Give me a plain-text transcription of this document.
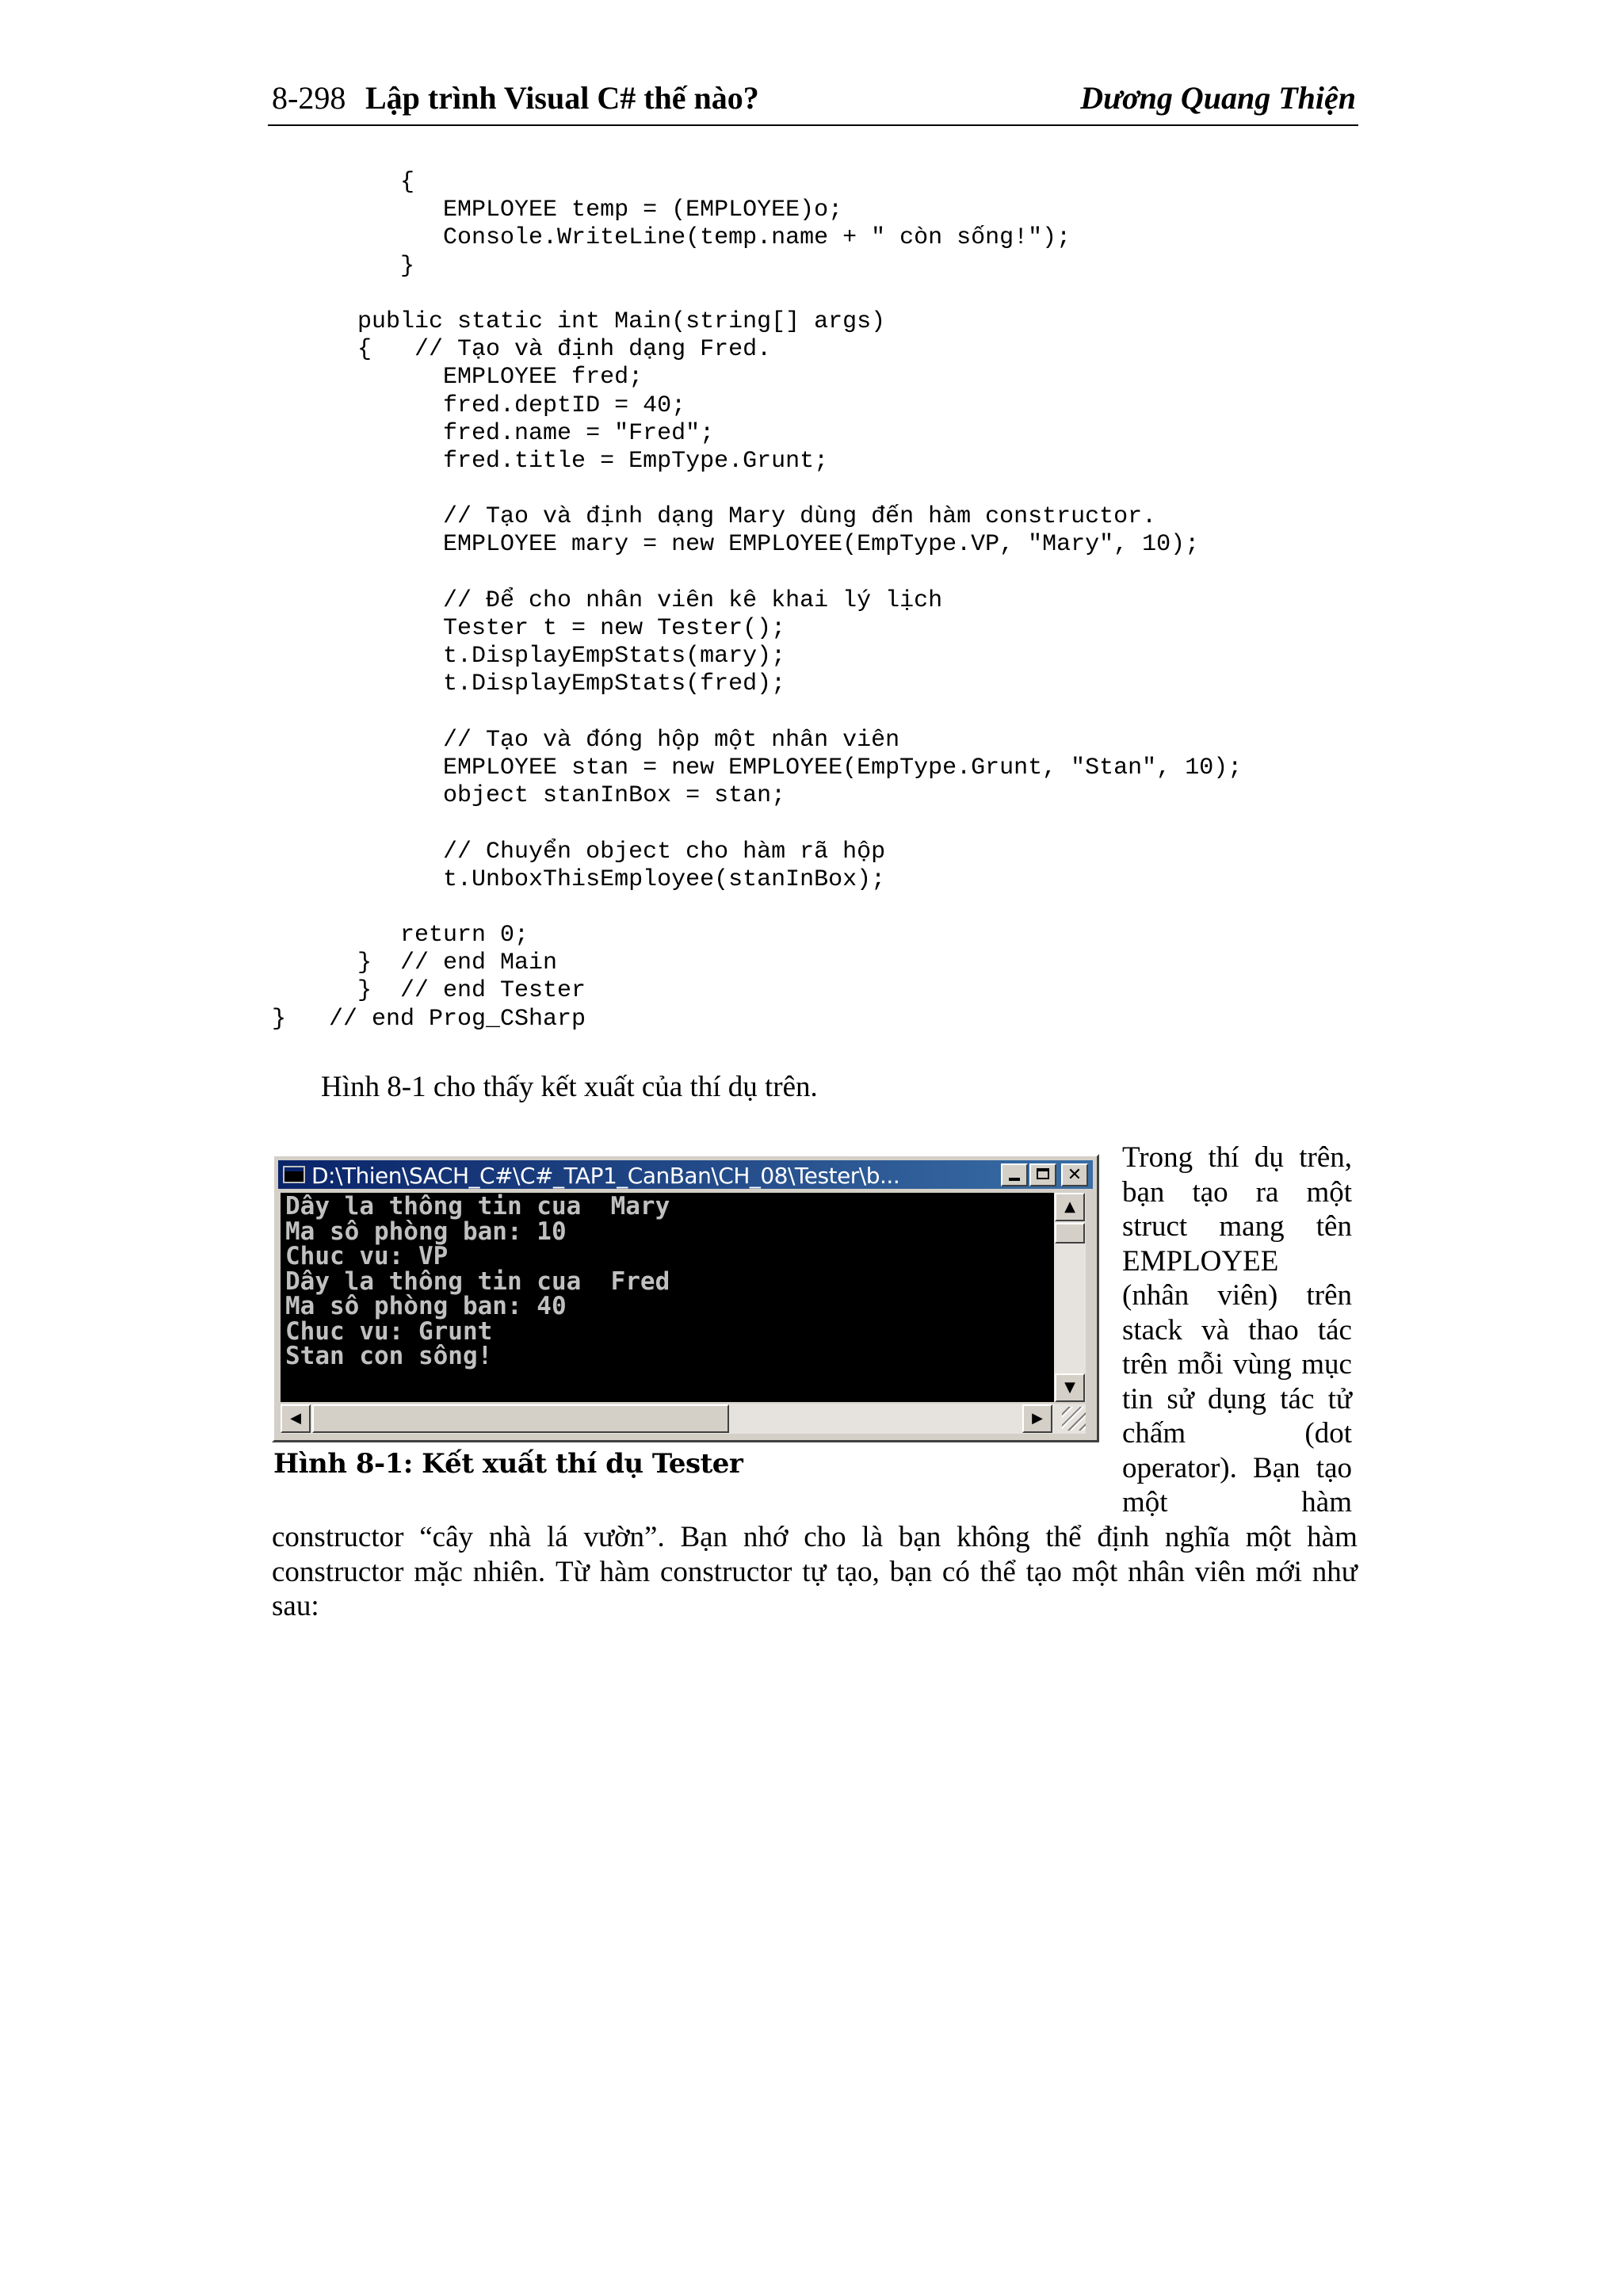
8-298 Lập trình Visual C# thế nào?	Dương Quang Thiện
{
EMPLOYEE temp = (EMPLOYEE)o;
Console.WriteLine(temp.name + " còn sống!");
}
public static int Main(string[] args)
{   // Tạo và định dạng Fred.
EMPLOYEE fred;
fred.deptID = 40;
fred.name = "Fred";
fred.title = EmpType.Grunt;
// Tạo và định dạng Mary dùng đến hàm constructor.
EMPLOYEE mary = new EMPLOYEE(EmpType.VP, "Mary", 10);
// Để cho nhân viên kê khai lý lịch
Tester t = new Tester();
t.DisplayEmpStats(mary);
t.DisplayEmpStats(fred);
// Tạo và đóng hộp một nhân viên
EMPLOYEE stan = new EMPLOYEE(EmpType.Grunt, "Stan", 10);
object stanInBox = stan;
// Chuyển object cho hàm rã hộp
t.UnboxThisEmployee(stanInBox);
return 0;
}  // end Main
}  // end Tester
}   // end Prog_CSharp
Hình 8-1 cho thấy kết xuất của thí dụ trên.
D:\Thien\SACH_C#\C#_TAP1_CanBan\CH_08\Tester\b...	✕
Dây la thông tin cua  Mary
Ma sô phòng ban: 10
Chuc vu: VP
Dây la thông tin cua  Fred
Ma sô phòng ban: 40
Chuc vu: Grunt
Stan con sông!
▲
▼
◀	▶
Hình 8-1: Kết xuất thí dụ Tester
Trong thí dụ trên,
bạn tạo ra một
struct mang tên
EMPLOYEE
(nhân viên) trên
stack và thao tác
trên mỗi vùng mục
tin sử dụng tác tử
chấm	(dot
operator). Bạn tạo
một	hàm
constructor “cây nhà lá vườn”. Bạn nhớ cho là bạn không thể định nghĩa một hàm
constructor mặc nhiên. Từ hàm constructor tự tạo, bạn có thể tạo một nhân viên mới như
sau:
